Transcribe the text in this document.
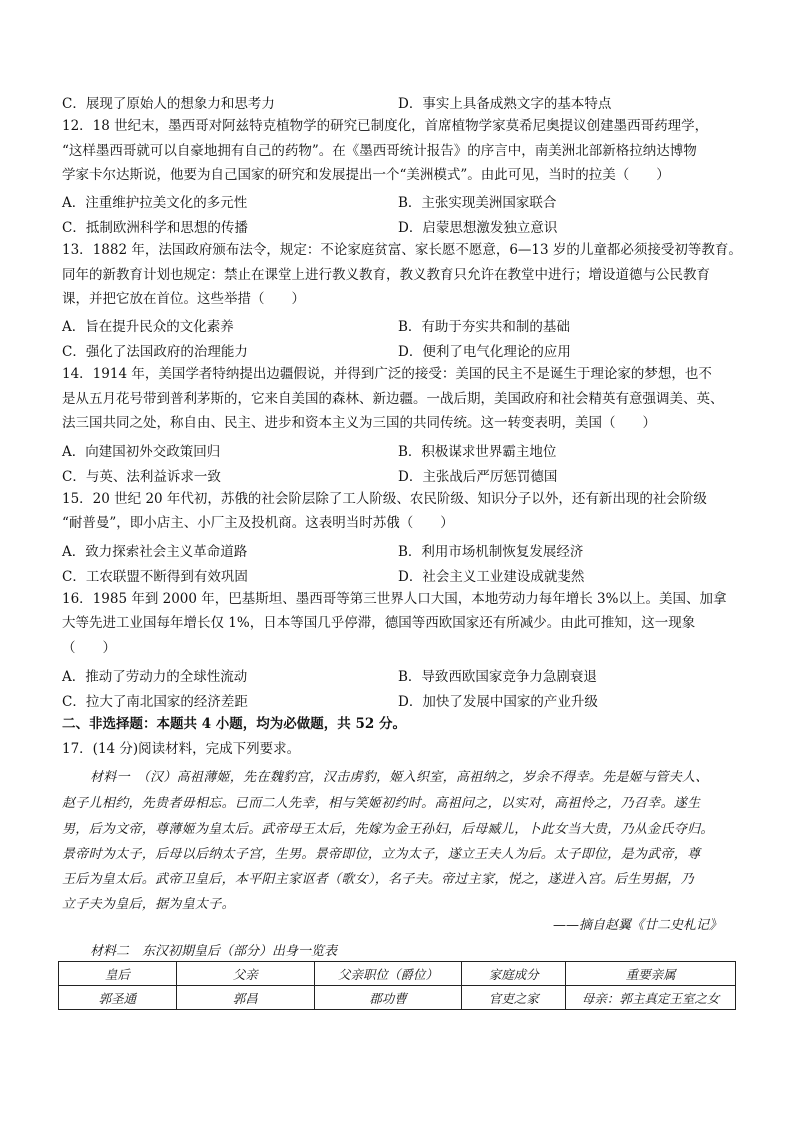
C．展现了原始人的想象力和思考力	D．事实上具备成熟文字的基本特点
12．18 世纪末，墨西哥对阿兹特克植物学的研究已制度化，首席植物学家莫希尼奥提议创建墨西哥药理学，
“这样墨西哥就可以自豪地拥有自己的药物”。在《墨西哥统计报告》的序言中，南美洲北部新格拉纳达博物
学家卡尔达斯说，他要为自己国家的研究和发展提出一个“美洲模式”。由此可见，当时的拉美（　　）
A．注重维护拉美文化的多元性	B．主张实现美洲国家联合
C．抵制欧洲科学和思想的传播	D．启蒙思想激发独立意识
13．1882 年，法国政府颁布法令，规定：不论家庭贫富、家长愿不愿意，6—13 岁的儿童都必须接受初等教育。
同年的新教育计划也规定：禁止在课堂上进行教义教育，教义教育只允许在教堂中进行；增设道德与公民教育
课，并把它放在首位。这些举措（　　）
A．旨在提升民众的文化素养	B．有助于夯实共和制的基础
C．强化了法国政府的治理能力	D．便利了电气化理论的应用
14．1914 年，美国学者特纳提出边疆假说，并得到广泛的接受：美国的民主不是诞生于理论家的梦想，也不
是从五月花号带到普利茅斯的，它来自美国的森林、新边疆。一战后期，美国政府和社会精英有意强调美、英、
法三国共同之处，称自由、民主、进步和资本主义为三国的共同传统。这一转变表明，美国（　　）
A．向建国初外交政策回归	B．积极谋求世界霸主地位
C．与英、法利益诉求一致	D．主张战后严厉惩罚德国
15．20 世纪 20 年代初，苏俄的社会阶层除了工人阶级、农民阶级、知识分子以外，还有新出现的社会阶级
“耐普曼”，即小店主、小厂主及投机商。这表明当时苏俄（　　）
A．致力探索社会主义革命道路	B．利用市场机制恢复发展经济
C．工农联盟不断得到有效巩固	D．社会主义工业建设成就斐然
16．1985 年到 2000 年，巴基斯坦、墨西哥等第三世界人口大国，本地劳动力每年增长 3%以上。美国、加拿
大等先进工业国每年增长仅 1%，日本等国几乎停滞，德国等西欧国家还有所减少。由此可推知，这一现象
（　　）
A．推动了劳动力的全球性流动	B．导致西欧国家竞争力急剧衰退
C．拉大了南北国家的经济差距	D．加快了发展中国家的产业升级
二、非选择题：本题共 4 小题，均为必做题，共 52 分。
17．(14 分)阅读材料，完成下列要求。
材料一　（汉）高祖薄姬，先在魏豹宫，汉击虏豹，姬入织室，高祖纳之，岁余不得幸。先是姬与管夫人、
赵子儿相约，先贵者毋相忘。已而二人先幸，相与笑姬初约时。高祖问之，以实对，高祖怜之，乃召幸。遂生
男，后为文帝，尊薄姬为皇太后。武帝母王太后，先嫁为金王孙妇，后母臧儿，卜此女当大贵，乃从金氏夺归。
景帝时为太子，后母以后纳太子宫，生男。景帝即位，立为太子，遂立王夫人为后。太子即位，是为武帝，尊
王后为皇太后。武帝卫皇后，本平阳主家讴者（歌女），名子夫。帝过主家，悦之，遂进入宫。后生男据，乃
立子夫为皇后，据为皇太子。
——摘自赵翼《廿二史札记》
材料二　东汉初期皇后（部分）出身一览表
皇后	父亲	父亲职位（爵位）	家庭成分	重要亲属
郭圣通	郭昌	郡功曹	官吏之家	母亲：郭主真定王室之女
